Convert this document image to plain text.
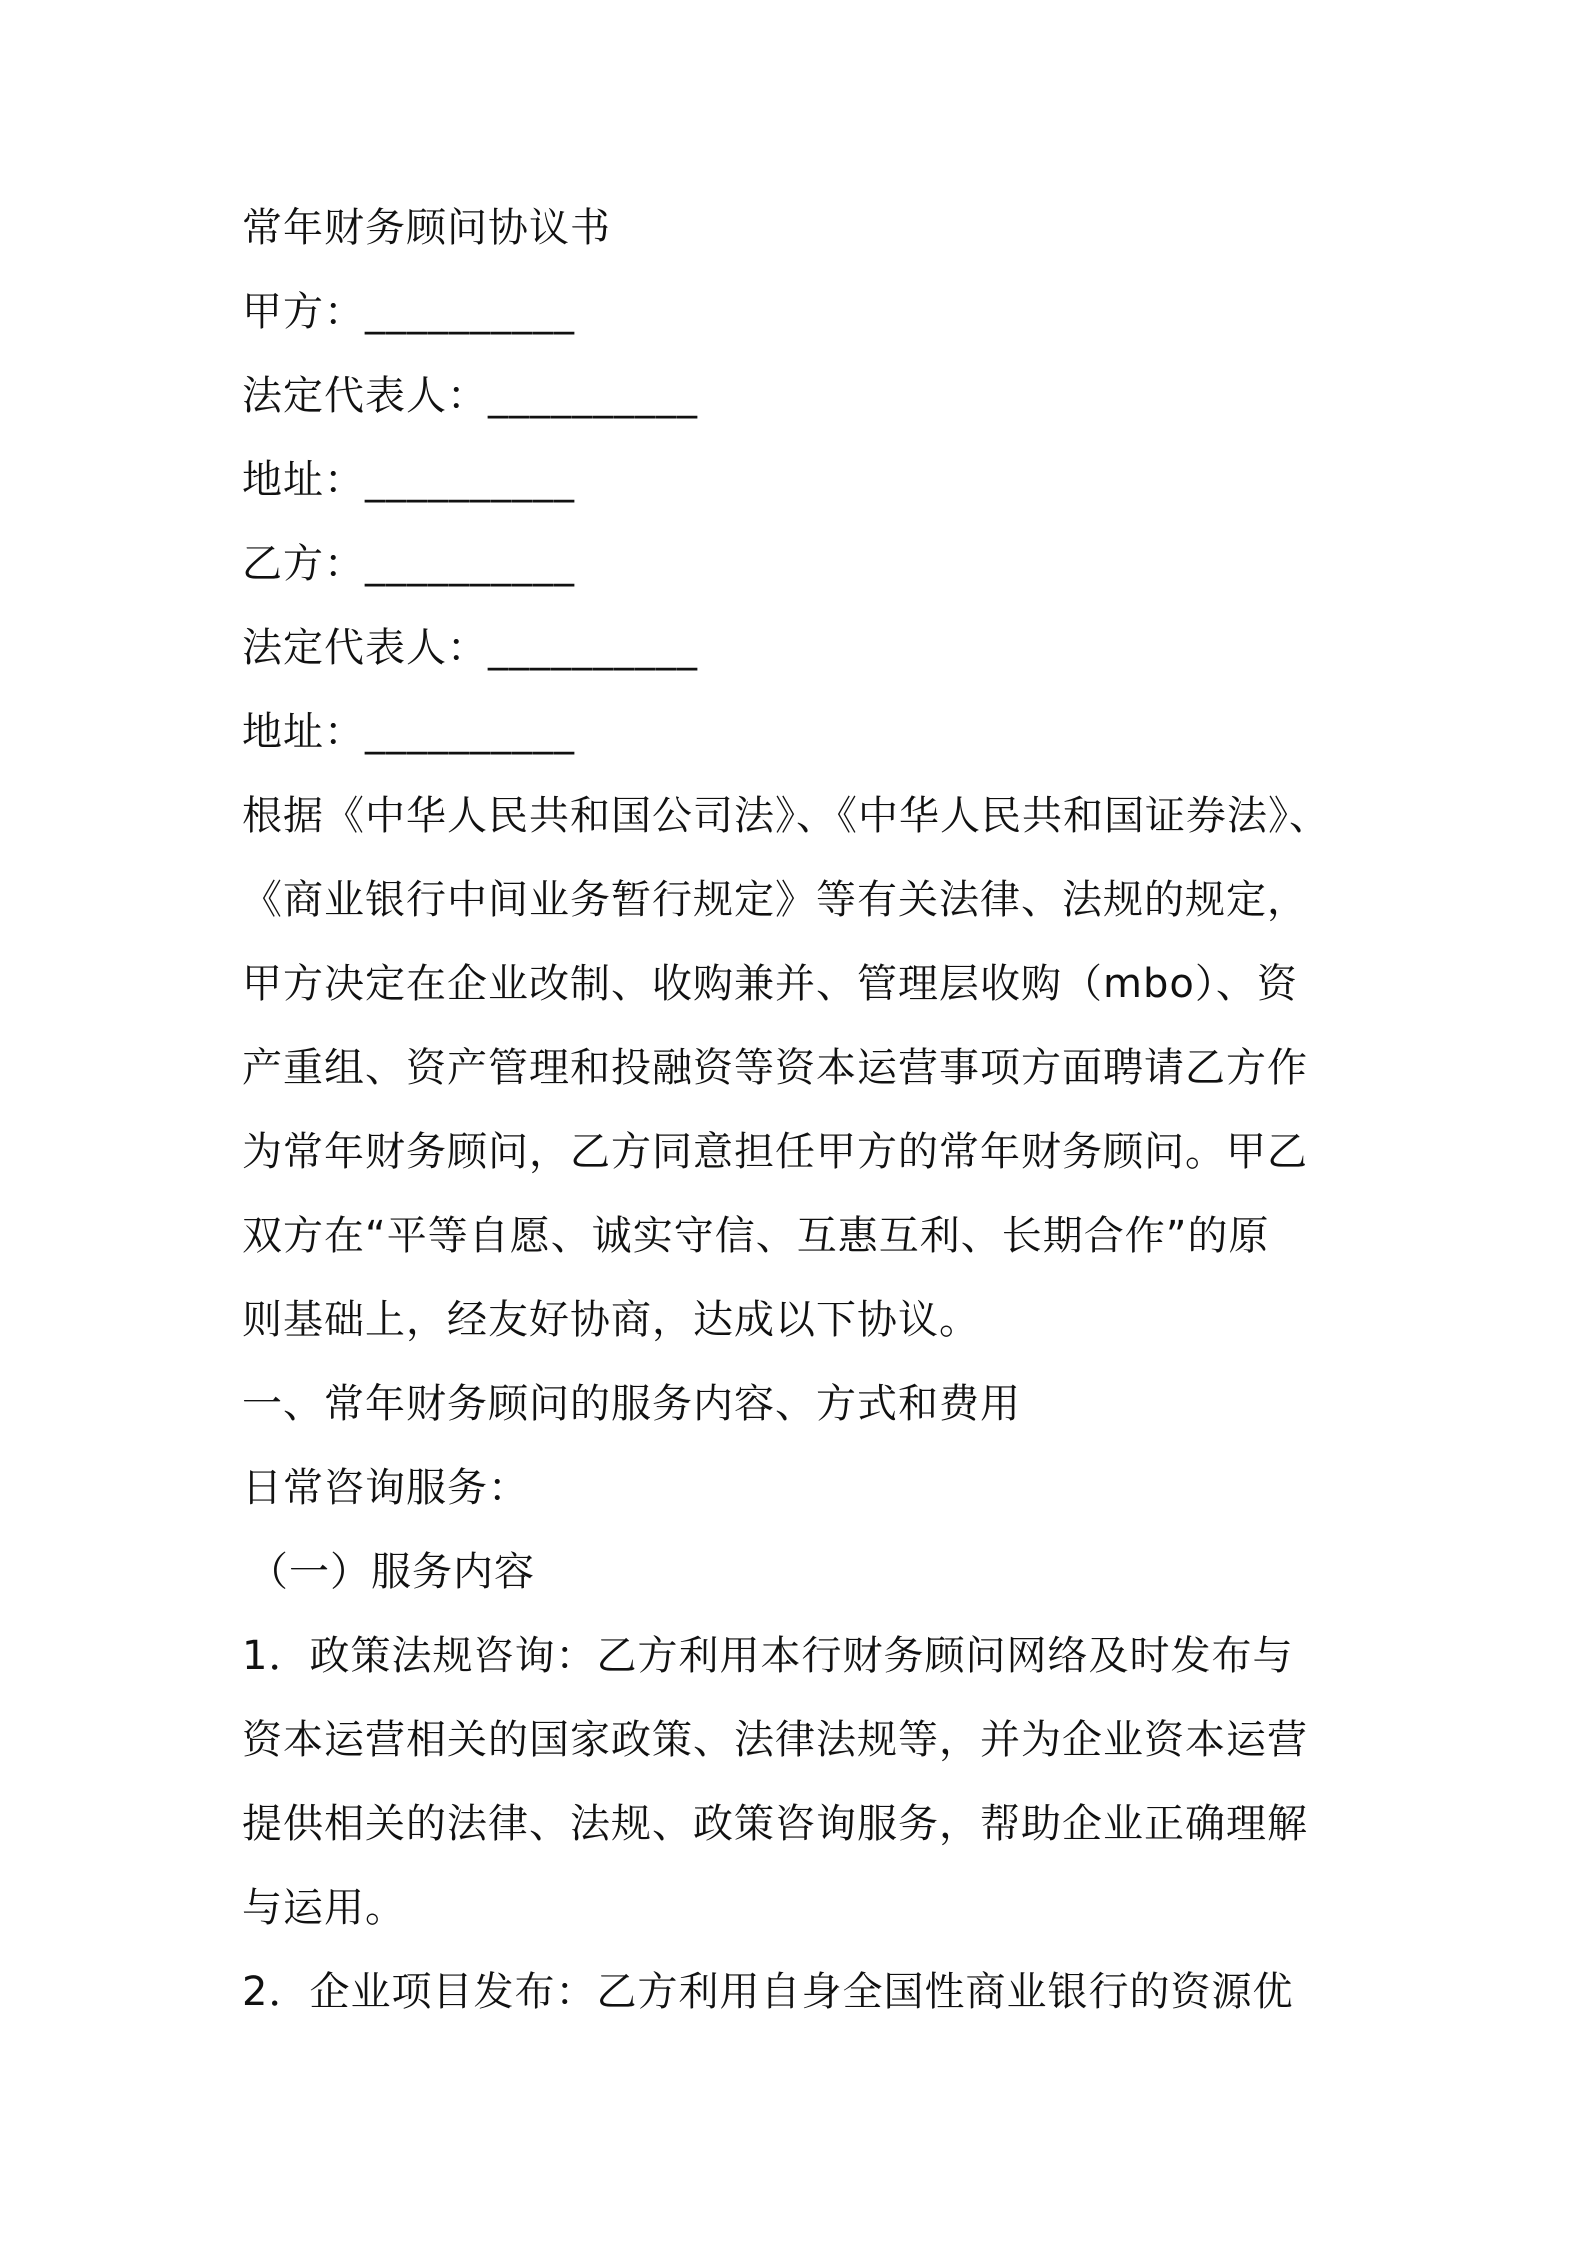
常年财务顾问协议书
甲方：__________
法定代表人：__________
地址：__________
乙方：__________
法定代表人：__________
地址：__________
根据《中华人民共和国公司法》、《中华人民共和国证券法》、
《商业银行中间业务暂行规定》等有关法律、法规的规定，
甲方决定在企业改制、收购兼并、管理层收购（mbo）、资
产重组、资产管理和投融资等资本运营事项方面聘请乙方作
为常年财务顾问，乙方同意担任甲方的常年财务顾问。甲乙
双方在“平等自愿、诚实守信、互惠互利、长期合作”的原
则基础上，经友好协商，达成以下协议。
一、常年财务顾问的服务内容、方式和费用
日常咨询服务：
（一）服务内容
1．政策法规咨询：乙方利用本行财务顾问网络及时发布与
资本运营相关的国家政策、法律法规等，并为企业资本运营
提供相关的法律、法规、政策咨询服务，帮助企业正确理解
与运用。
2．企业项目发布：乙方利用自身全国性商业银行的资源优
